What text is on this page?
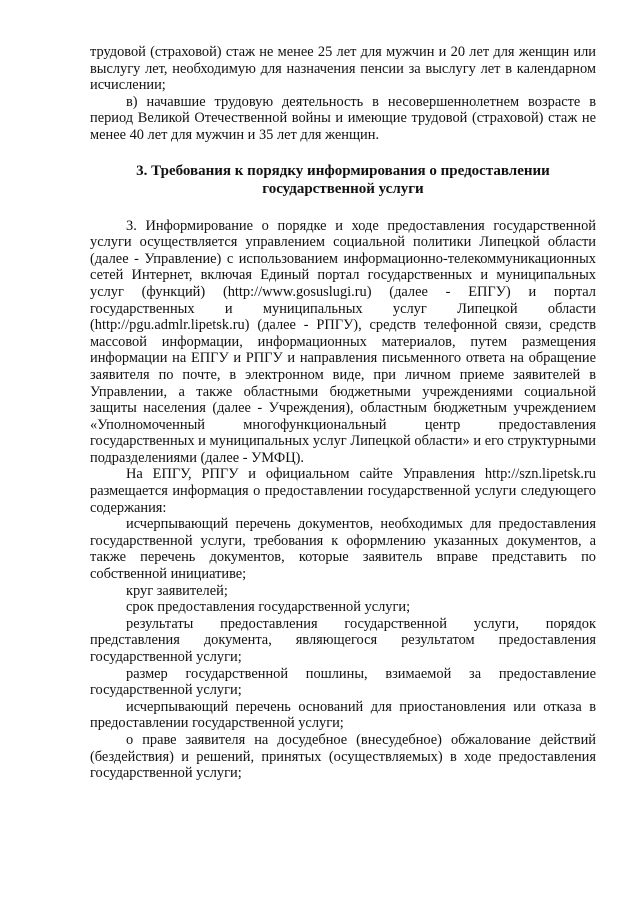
трудовой (страховой) стаж не менее 25 лет для мужчин и 20 лет для женщин или выслугу лет, необходимую для назначения пенсии за выслугу лет в календарном исчислении;

в) начавшие трудовую деятельность в несовершеннолетнем возрасте в период Великой Отечественной войны и имеющие трудовой (страховой) стаж не менее 40 лет для мужчин и 35 лет для женщин.

3. Требования к порядку информирования о предоставлении
государственной услуги

3. Информирование о порядке и ходе предоставления государственной услуги осуществляется управлением социальной политики Липецкой области (далее - Управление) с использованием информационно-телекоммуникационных сетей Интернет, включая Единый портал государственных и муниципальных услуг (функций) (http://www.gosuslugi.ru) (далее - ЕПГУ) и портал государственных и муниципальных услуг Липецкой области (http://pgu.admlr.lipetsk.ru) (далее - РПГУ), средств телефонной связи, средств массовой информации, информационных материалов, путем размещения информации на ЕПГУ и РПГУ и направления письменного ответа на обращение заявителя по почте, в электронном виде, при личном приеме заявителей в Управлении, а также областными бюджетными учреждениями социальной защиты населения (далее - Учреждения), областным бюджетным учреждением «Уполномоченный многофункциональный центр предоставления государственных и муниципальных услуг Липецкой области» и его структурными подразделениями (далее - УМФЦ).

На ЕПГУ, РПГУ и официальном сайте Управления http://szn.lipetsk.ru размещается информация о предоставлении государственной услуги следующего содержания:

исчерпывающий перечень документов, необходимых для предоставления государственной услуги, требования к оформлению указанных документов, а также перечень документов, которые заявитель вправе представить по собственной инициативе;

круг заявителей;

срок предоставления государственной услуги;

результаты предоставления государственной услуги, порядок представления документа, являющегося результатом предоставления государственной услуги;

размер государственной пошлины, взимаемой за предоставление государственной услуги;

исчерпывающий перечень оснований для приостановления или отказа в предоставлении государственной услуги;

о праве заявителя на досудебное (внесудебное) обжалование действий (бездействия) и решений, принятых (осуществляемых) в ходе предоставления государственной услуги;
